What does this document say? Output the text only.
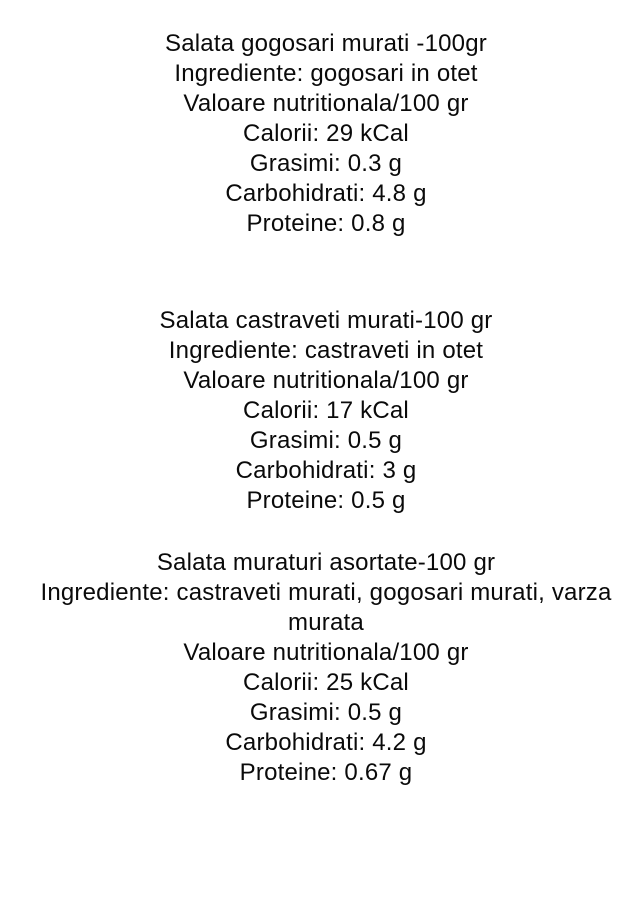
Salata gogosari murati -100gr
Ingrediente: gogosari in otet
Valoare nutritionala/100 gr
Calorii: 29 kCal
Grasimi: 0.3 g
Carbohidrati: 4.8 g
Proteine: 0.8 g
Salata castraveti murati-100 gr
Ingrediente: castraveti in otet
Valoare nutritionala/100 gr
Calorii: 17 kCal
Grasimi: 0.5 g
Carbohidrati: 3 g
Proteine: 0.5 g
Salata muraturi asortate-100 gr
Ingrediente: castraveti murati, gogosari murati, varza murata
Valoare nutritionala/100 gr
Calorii: 25 kCal
Grasimi: 0.5 g
Carbohidrati: 4.2 g
Proteine: 0.67 g
